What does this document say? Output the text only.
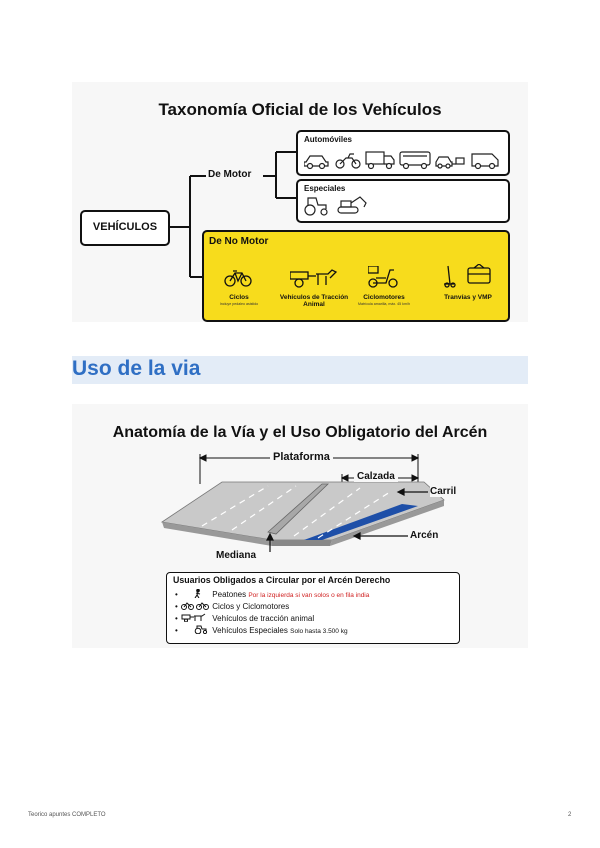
Taxonomía Oficial de los Vehículos
VEHÍCULOS
De Motor
Automóviles
Especiales
De No Motor
Ciclos
Incluye pedaleo asistido
Vehículos de Tracción Animal
Ciclomotores
Matrícula amarilla, máx. 45 km/h
Tranvías y VMP
Uso de la via
Anatomía de la Vía y el Uso Obligatorio del Arcén
Plataforma
Calzada
Carril
Arcén
Mediana
Usuarios Obligados a Circular por el Arcén Derecho
•	Peatones Por la izquierda si van solos o en fila india
•	Ciclos y Ciclomotores
•	Vehículos de tracción animal
•	Vehículos Especiales Solo hasta 3.500 kg
Teorico apuntes COMPLETO	2
